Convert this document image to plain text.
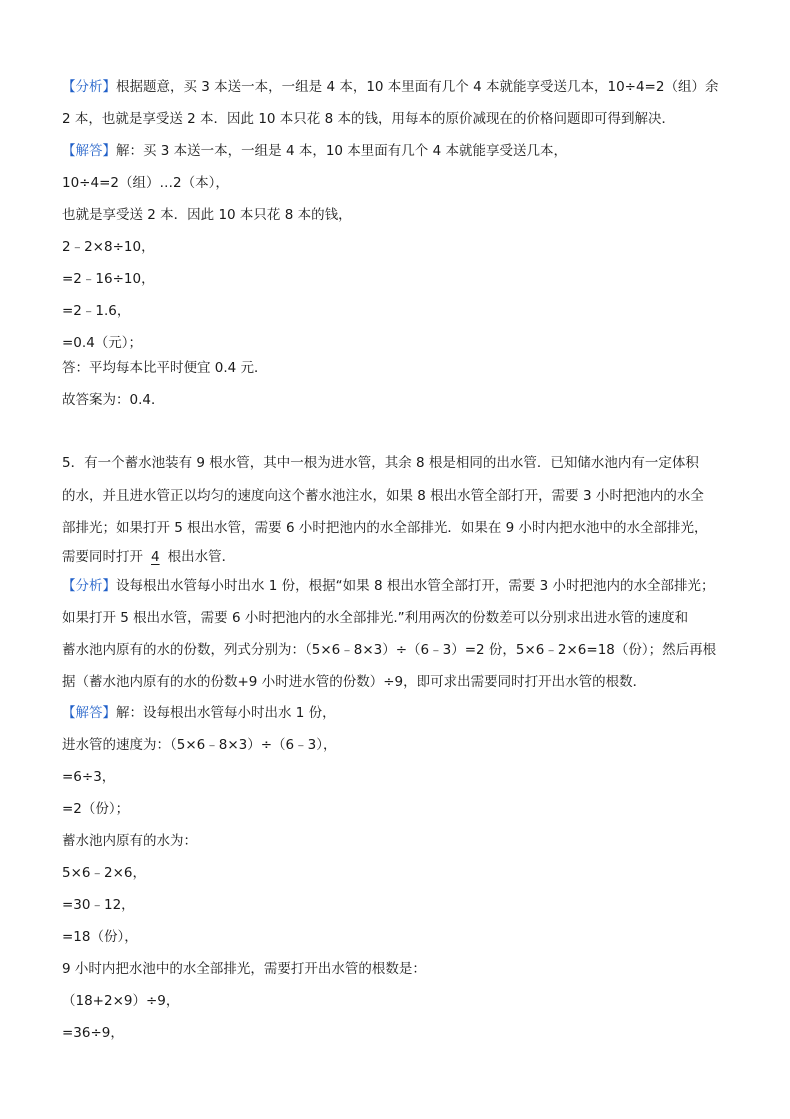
【分析】根据题意，买 3 本送一本，一组是 4 本，10 本里面有几个 4 本就能享受送几本，10÷4=2（组）余
2 本，也就是享受送 2 本．因此 10 本只花 8 本的钱，用每本的原价减现在的价格问题即可得到解决．
【解答】解：买 3 本送一本，一组是 4 本，10 本里面有几个 4 本就能享受送几本，
10÷4=2（组）…2（本），
也就是享受送 2 本．因此 10 本只花 8 本的钱，
2﹣2×8÷10，
=2﹣16÷10，
=2﹣1.6，
=0.4（元）；
答：平均每本比平时便宜 0.4 元．
故答案为：0.4．
5．有一个蓄水池装有 9 根水管，其中一根为进水管，其余 8 根是相同的出水管．已知储水池内有一定体积
的水，并且进水管正以均匀的速度向这个蓄水池注水，如果 8 根出水管全部打开，需要 3 小时把池内的水全
部排光；如果打开 5 根出水管，需要 6 小时把池内的水全部排光．如果在 9 小时内把水池中的水全部排光，
需要同时打开 4 根出水管．
【分析】设每根出水管每小时出水 1 份，根据“如果 8 根出水管全部打开，需要 3 小时把池内的水全部排光；
如果打开 5 根出水管，需要 6 小时把池内的水全部排光.”利用两次的份数差可以分别求出进水管的速度和
蓄水池内原有的水的份数，列式分别为：（5×6﹣8×3）÷（6﹣3）=2 份，5×6﹣2×6=18（份）；然后再根
据（蓄水池内原有的水的份数+9 小时进水管的份数）÷9，即可求出需要同时打开出水管的根数．
【解答】解：设每根出水管每小时出水 1 份，
进水管的速度为：（5×6﹣8×3）÷（6﹣3），
=6÷3，
=2（份）；
蓄水池内原有的水为：
5×6﹣2×6，
=30﹣12，
=18（份），
9 小时内把水池中的水全部排光，需要打开出水管的根数是：
（18+2×9）÷9，
=36÷9，
